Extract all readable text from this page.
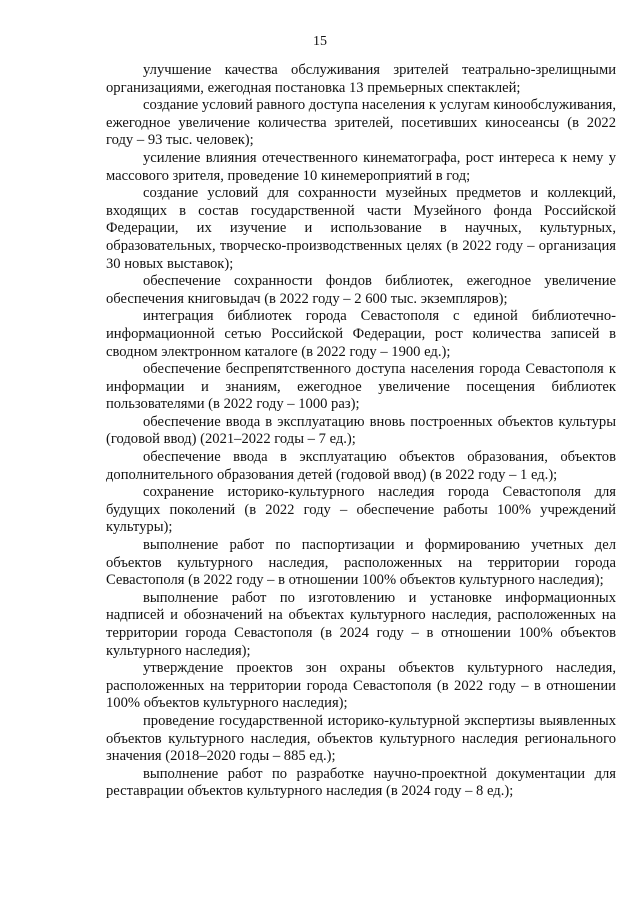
15

улучшение качества обслуживания зрителей театрально-зрелищными организациями, ежегодная постановка 13 премьерных спектаклей;

создание условий равного доступа населения к услугам кинообслуживания, ежегодное увеличение количества зрителей, посетивших киносеансы (в 2022 году – 93 тыс. человек);

усиление влияния отечественного кинематографа, рост интереса к нему у массового зрителя, проведение 10 кинемероприятий в год;

создание условий для сохранности музейных предметов и коллекций, входящих в состав государственной части Музейного фонда Российской Федерации, их изучение и использование в научных, культурных, образовательных, творческо-производственных целях (в 2022 году – организация 30 новых выставок);

обеспечение сохранности фондов библиотек, ежегодное увеличение обеспечения книговыдач (в 2022 году – 2 600 тыс. экземпляров);

интеграция библиотек города Севастополя с единой библиотечно-информационной сетью Российской Федерации, рост количества записей в сводном электронном каталоге (в 2022 году – 1900 ед.);

обеспечение беспрепятственного доступа населения города Севастополя к информации и знаниям, ежегодное увеличение посещения библиотек пользователями (в 2022 году – 1000 раз);

обеспечение ввода в эксплуатацию вновь построенных объектов культуры (годовой ввод) (2021–2022 годы – 7 ед.);

обеспечение ввода в эксплуатацию объектов образования, объектов дополнительного образования детей (годовой ввод) (в 2022 году – 1 ед.);

сохранение историко-культурного наследия города Севастополя для будущих поколений (в 2022 году – обеспечение работы 100% учреждений культуры);

выполнение работ по паспортизации и формированию учетных дел объектов культурного наследия, расположенных на территории города Севастополя (в 2022 году – в отношении 100% объектов культурного наследия);

выполнение работ по изготовлению и установке информационных надписей и обозначений на объектах культурного наследия, расположенных на территории города Севастополя (в 2024 году – в отношении 100% объектов культурного наследия);

утверждение проектов зон охраны объектов культурного наследия, расположенных на территории города Севастополя (в 2022 году – в отношении 100% объектов культурного наследия);

проведение государственной историко-культурной экспертизы выявленных объектов культурного наследия, объектов культурного наследия регионального значения (2018–2020 годы – 885 ед.);

выполнение работ по разработке научно-проектной документации для реставрации объектов культурного наследия (в 2024 году – 8 ед.);
